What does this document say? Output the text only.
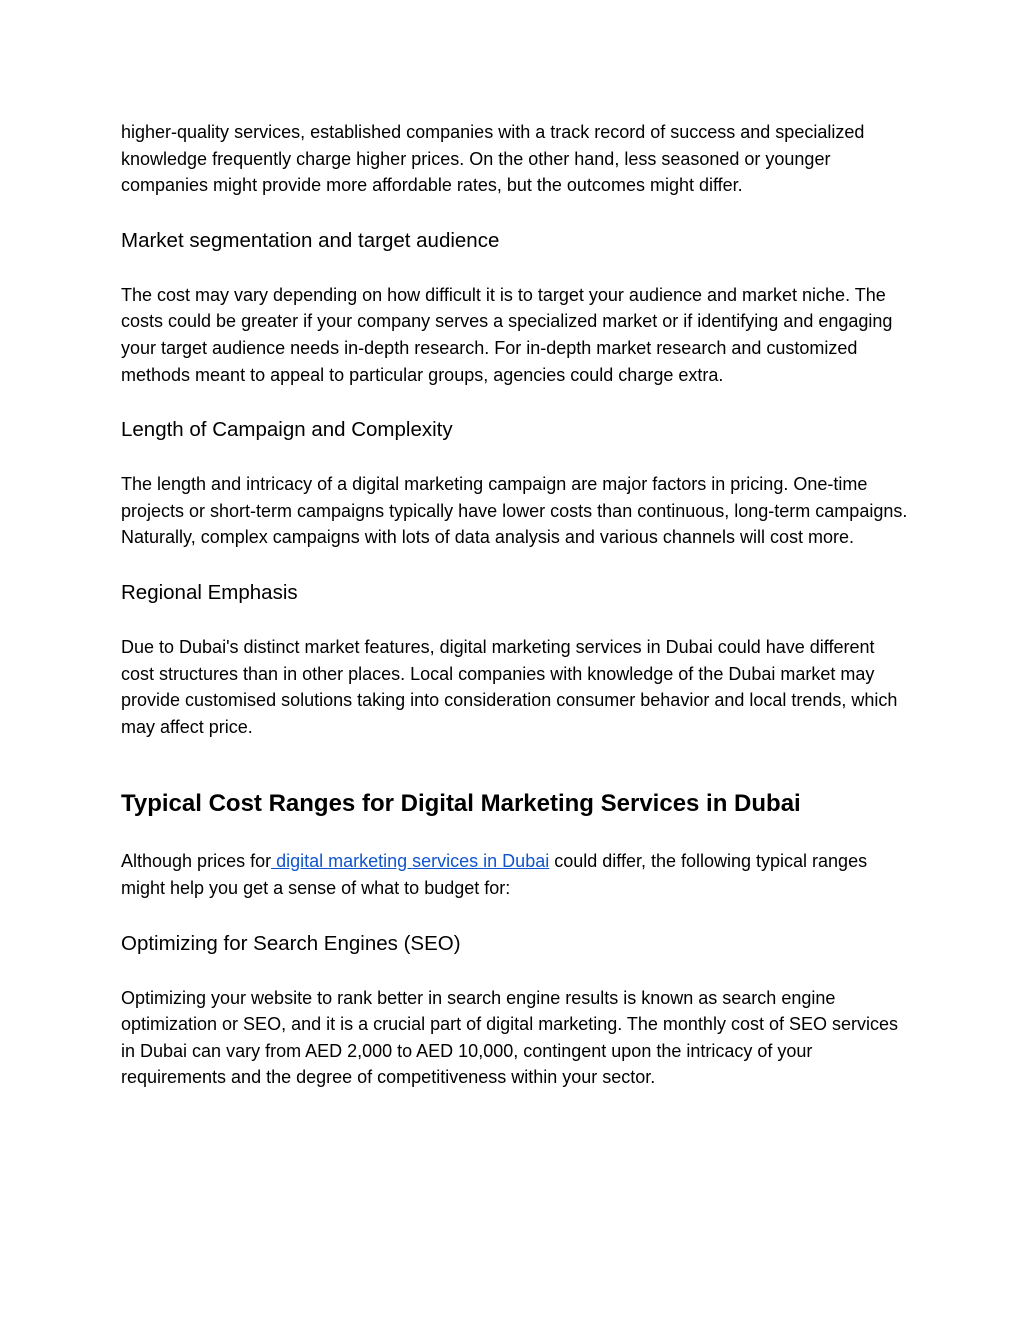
higher-quality services, established companies with a track record of success and specialized knowledge frequently charge higher prices. On the other hand, less seasoned or younger companies might provide more affordable rates, but the outcomes might differ.

Market segmentation and target audience

The cost may vary depending on how difficult it is to target your audience and market niche. The costs could be greater if your company serves a specialized market or if identifying and engaging your target audience needs in-depth research. For in-depth market research and customized methods meant to appeal to particular groups, agencies could charge extra.

Length of Campaign and Complexity

The length and intricacy of a digital marketing campaign are major factors in pricing. One-time projects or short-term campaigns typically have lower costs than continuous, long-term campaigns. Naturally, complex campaigns with lots of data analysis and various channels will cost more.

Regional Emphasis

Due to Dubai's distinct market features, digital marketing services in Dubai could have different cost structures than in other places. Local companies with knowledge of the Dubai market may provide customised solutions taking into consideration consumer behavior and local trends, which may affect price.

Typical Cost Ranges for Digital Marketing Services in Dubai

Although prices for digital marketing services in Dubai could differ, the following typical ranges might help you get a sense of what to budget for:

Optimizing for Search Engines (SEO)

Optimizing your website to rank better in search engine results is known as search engine optimization or SEO, and it is a crucial part of digital marketing. The monthly cost of SEO services in Dubai can vary from AED 2,000 to AED 10,000, contingent upon the intricacy of your requirements and the degree of competitiveness within your sector.
